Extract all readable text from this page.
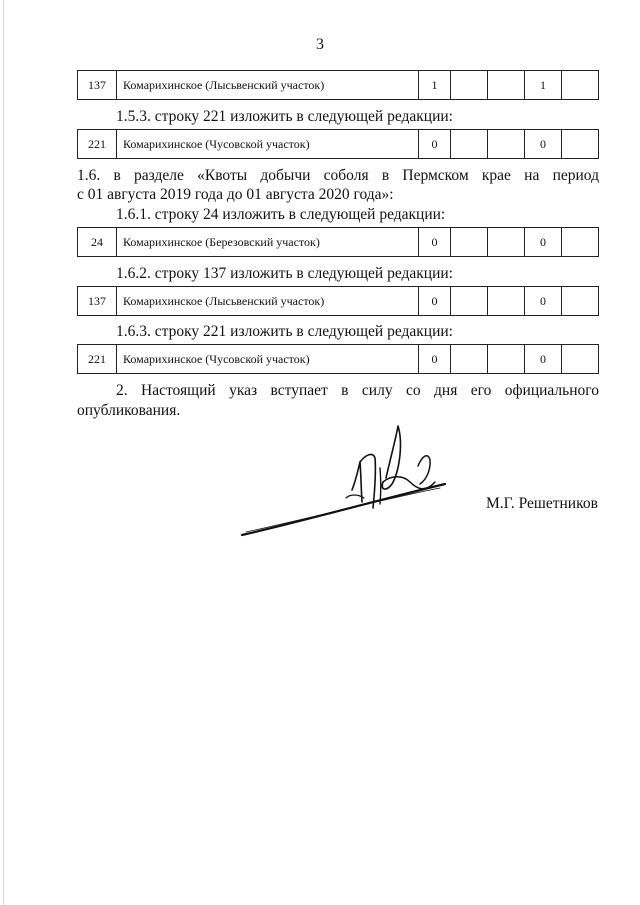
3
137	Комарихинское (Лысьвенский участок)	1			1	
1.5.3. строку 221 изложить в следующей редакции:
221	Комарихинское (Чусовской участок)	0			0	
1.6. в разделе «Квоты добычи соболя в Пермском крае на период
с 01 августа 2019 года до 01 августа 2020 года»:
1.6.1. строку 24 изложить в следующей редакции:
24	Комарихинское (Березовский участок)	0			0	
1.6.2. строку 137 изложить в следующей редакции:
137	Комарихинское (Лысьвенский участок)	0			0	
1.6.3. строку 221 изложить в следующей редакции:
221	Комарихинское (Чусовской участок)	0			0	
2. Настоящий указ вступает в силу со дня его официального
опубликования.
М.Г. Решетников
